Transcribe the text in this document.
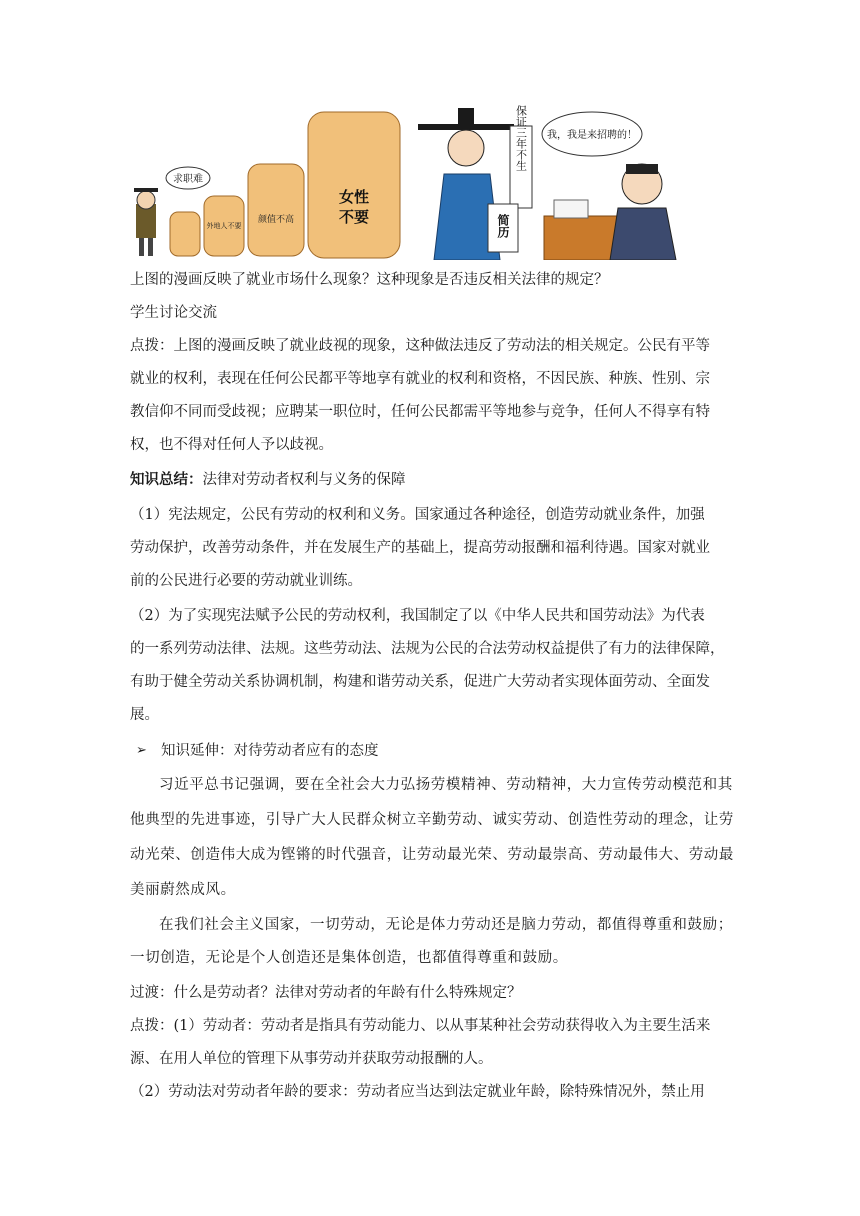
求职难
外地人不要
颜值不高
女性
不要
保证三年不生
简历
我，我是来招聘的！
上图的漫画反映了就业市场什么现象？这种现象是否违反相关法律的规定？
学生讨论交流
点拨：上图的漫画反映了就业歧视的现象，这种做法违反了劳动法的相关规定。公民有平等
就业的权利，表现在任何公民都平等地享有就业的权利和资格，不因民族、种族、性别、宗
教信仰不同而受歧视；应聘某一职位时，任何公民都需平等地参与竞争，任何人不得享有特
权，也不得对任何人予以歧视。
知识总结：法律对劳动者权利与义务的保障
（1）宪法规定，公民有劳动的权利和义务。国家通过各种途径，创造劳动就业条件，加强
劳动保护，改善劳动条件，并在发展生产的基础上，提高劳动报酬和福利待遇。国家对就业
前的公民进行必要的劳动就业训练。
（2）为了实现宪法赋予公民的劳动权利，我国制定了以《中华人民共和国劳动法》为代表
的一系列劳动法律、法规。这些劳动法、法规为公民的合法劳动权益提供了有力的法律保障，
有助于健全劳动关系协调机制，构建和谐劳动关系，促进广大劳动者实现体面劳动、全面发
展。
➢ 知识延伸：对待劳动者应有的态度
习近平总书记强调，要在全社会大力弘扬劳模精神、劳动精神，大力宣传劳动模范和其
他典型的先进事迹，引导广大人民群众树立辛勤劳动、诚实劳动、创造性劳动的理念，让劳
动光荣、创造伟大成为铿锵的时代强音，让劳动最光荣、劳动最崇高、劳动最伟大、劳动最
美丽蔚然成风。
在我们社会主义国家，一切劳动，无论是体力劳动还是脑力劳动，都值得尊重和鼓励；
一切创造，无论是个人创造还是集体创造，也都值得尊重和鼓励。
过渡：什么是劳动者？法律对劳动者的年龄有什么特殊规定？
点拨：(1）劳动者：劳动者是指具有劳动能力、以从事某种社会劳动获得收入为主要生活来
源、在用人单位的管理下从事劳动并获取劳动报酬的人。
（2）劳动法对劳动者年龄的要求：劳动者应当达到法定就业年龄，除特殊情况外，禁止用
